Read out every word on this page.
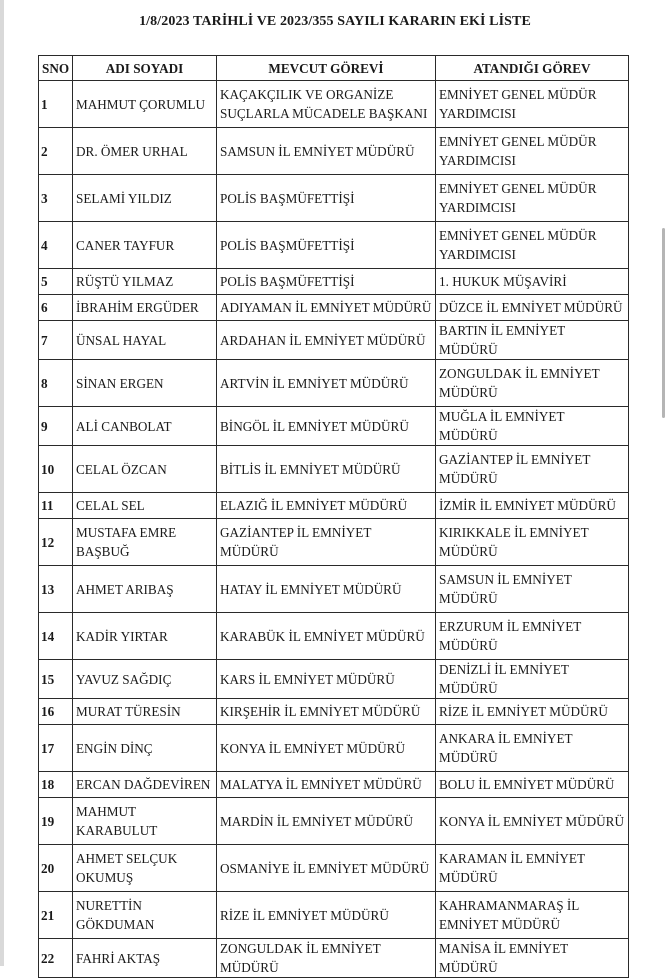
1/8/2023 TARİHLİ VE 2023/355 SAYILI KARARIN EKİ LİSTE
SNO	ADI SOYADI	MEVCUT GÖREVİ	ATANDIĞI GÖREV
1	MAHMUT ÇORUMLU	KAÇAKÇILIK VE ORGANİZE SUÇLARLA MÜCADELE BAŞKANI	EMNİYET GENEL MÜDÜR YARDIMCISI
2	DR. ÖMER URHAL	SAMSUN İL EMNİYET MÜDÜRÜ	EMNİYET GENEL MÜDÜR YARDIMCISI
3	SELAMİ YILDIZ	POLİS BAŞMÜFETTİŞİ	EMNİYET GENEL MÜDÜR YARDIMCISI
4	CANER TAYFUR	POLİS BAŞMÜFETTİŞİ	EMNİYET GENEL MÜDÜR YARDIMCISI
5	RÜŞTÜ YILMAZ	POLİS BAŞMÜFETTİŞİ	1. HUKUK MÜŞAVİRİ
6	İBRAHİM ERGÜDER	ADIYAMAN İL EMNİYET MÜDÜRÜ	DÜZCE İL EMNİYET MÜDÜRÜ
7	ÜNSAL HAYAL	ARDAHAN İL EMNİYET MÜDÜRÜ	BARTIN İL EMNİYET MÜDÜRÜ
8	SİNAN ERGEN	ARTVİN İL EMNİYET MÜDÜRÜ	ZONGULDAK İL EMNİYET MÜDÜRÜ
9	ALİ CANBOLAT	BİNGÖL İL EMNİYET MÜDÜRÜ	MUĞLA İL EMNİYET MÜDÜRÜ
10	CELAL ÖZCAN	BİTLİS İL EMNİYET MÜDÜRÜ	GAZİANTEP İL EMNİYET MÜDÜRÜ
11	CELAL SEL	ELAZIĞ İL EMNİYET MÜDÜRÜ	İZMİR İL EMNİYET MÜDÜRÜ
12	MUSTAFA EMRE BAŞBUĞ	GAZİANTEP İL EMNİYET MÜDÜRÜ	KIRIKKALE İL EMNİYET MÜDÜRÜ
13	AHMET ARIBAŞ	HATAY İL EMNİYET MÜDÜRÜ	SAMSUN İL EMNİYET MÜDÜRÜ
14	KADİR YIRTAR	KARABÜK İL EMNİYET MÜDÜRÜ	ERZURUM İL EMNİYET MÜDÜRÜ
15	YAVUZ SAĞDIÇ	KARS İL EMNİYET MÜDÜRÜ	DENİZLİ İL EMNİYET MÜDÜRÜ
16	MURAT TÜRESİN	KIRŞEHİR İL EMNİYET MÜDÜRÜ	RİZE İL EMNİYET MÜDÜRÜ
17	ENGİN DİNÇ	KONYA İL EMNİYET MÜDÜRÜ	ANKARA İL EMNİYET MÜDÜRÜ
18	ERCAN DAĞDEVİREN	MALATYA İL EMNİYET MÜDÜRÜ	BOLU İL EMNİYET MÜDÜRÜ
19	MAHMUT KARABULUT	MARDİN İL EMNİYET MÜDÜRÜ	KONYA İL EMNİYET MÜDÜRÜ
20	AHMET SELÇUK OKUMUŞ	OSMANİYE İL EMNİYET MÜDÜRÜ	KARAMAN İL EMNİYET MÜDÜRÜ
21	NURETTİN GÖKDUMAN	RİZE İL EMNİYET MÜDÜRÜ	KAHRAMANMARAŞ İL EMNİYET MÜDÜRÜ
22	FAHRİ AKTAŞ	ZONGULDAK İL EMNİYET MÜDÜRÜ	MANİSA İL EMNİYET MÜDÜRÜ
